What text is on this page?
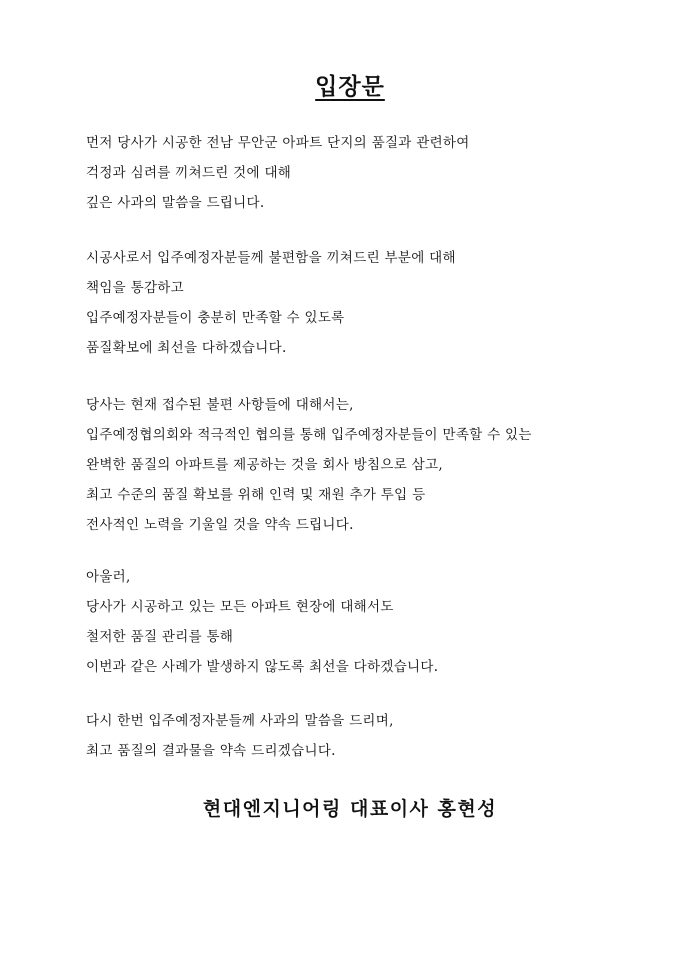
입장문
먼저 당사가 시공한 전남 무안군 아파트 단지의 품질과 관련하여
걱정과 심려를 끼쳐드린 것에 대해
깊은 사과의 말씀을 드립니다.
시공사로서 입주예정자분들께 불편함을 끼쳐드린 부분에 대해
책임을 통감하고
입주예정자분들이 충분히 만족할 수 있도록
품질확보에 최선을 다하겠습니다.
당사는 현재 접수된 불편 사항들에 대해서는,
입주예정협의회와 적극적인 협의를 통해 입주예정자분들이 만족할 수 있는
완벽한 품질의 아파트를 제공하는 것을 회사 방침으로 삼고,
최고 수준의 품질 확보를 위해 인력 및 재원 추가 투입 등
전사적인 노력을 기울일 것을 약속 드립니다.
아울러,
당사가 시공하고 있는 모든 아파트 현장에 대해서도
철저한 품질 관리를 통해
이번과 같은 사례가 발생하지 않도록 최선을 다하겠습니다.
다시 한번 입주예정자분들께 사과의 말씀을 드리며,
최고 품질의 결과물을 약속 드리겠습니다.
현대엔지니어링 대표이사 홍현성
